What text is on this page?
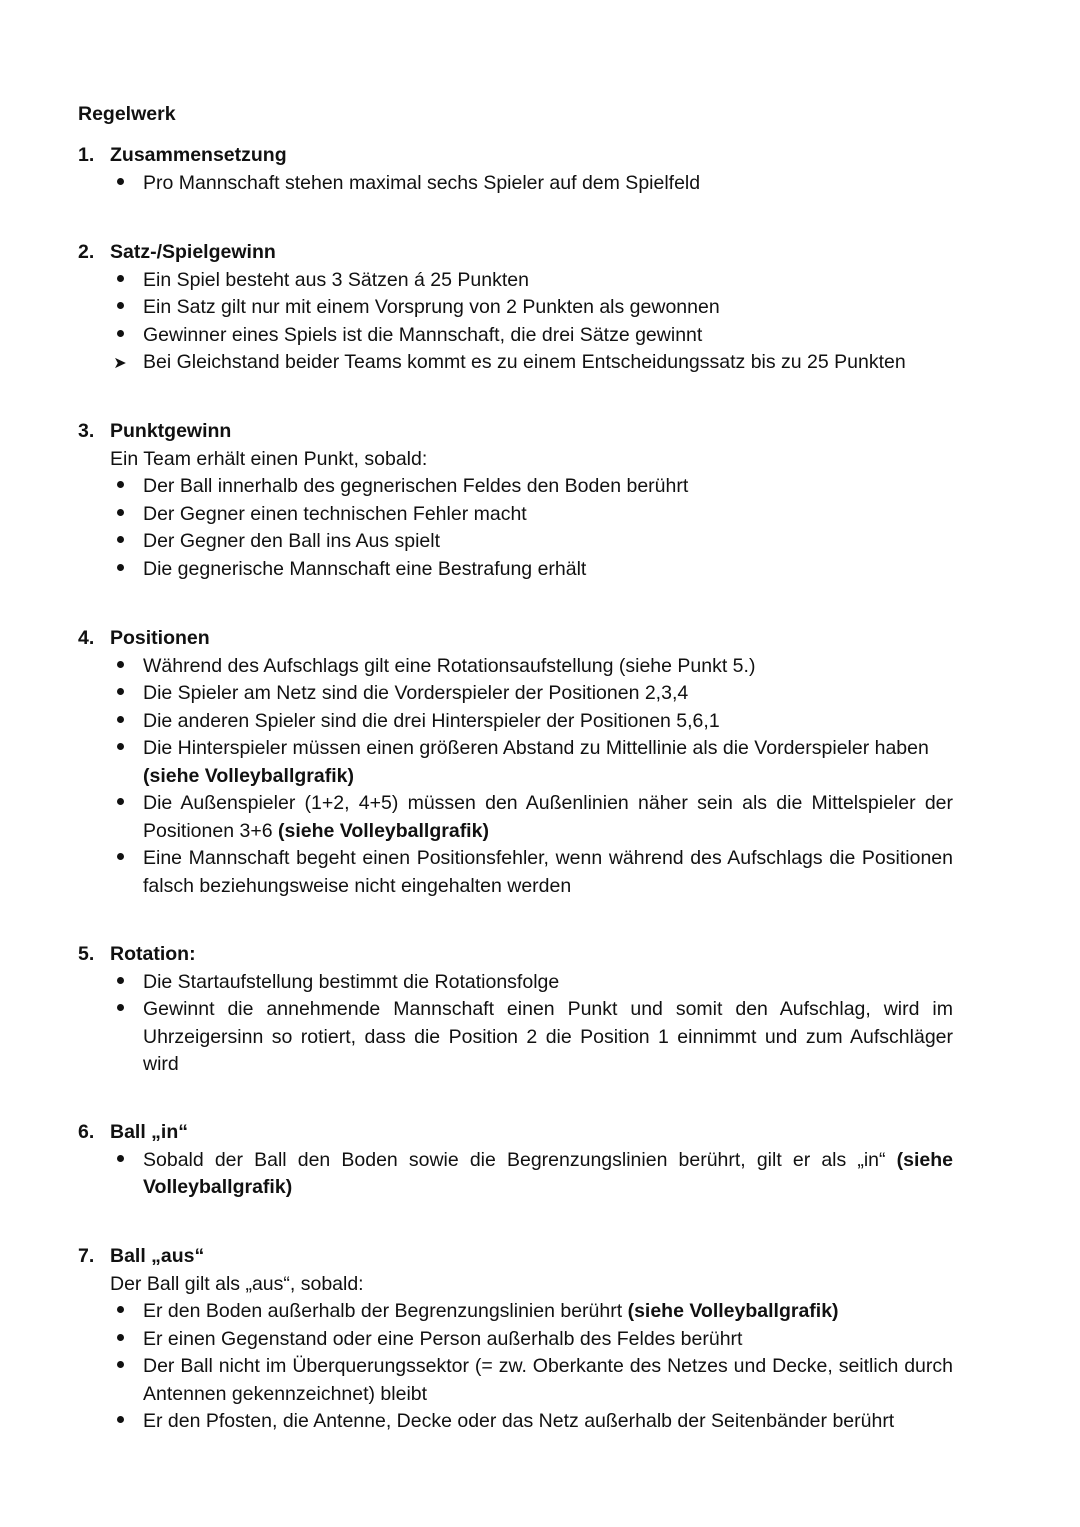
Regelwerk
1. Zusammensetzung
Pro Mannschaft stehen maximal sechs Spieler auf dem Spielfeld
2. Satz-/Spielgewinn
Ein Spiel besteht aus 3 Sätzen á 25 Punkten
Ein Satz gilt nur mit einem Vorsprung von 2 Punkten als gewonnen
Gewinner eines Spiels ist die Mannschaft, die drei Sätze gewinnt
➤ Bei Gleichstand beider Teams kommt es zu einem Entscheidungssatz bis zu 25 Punkten
3. Punktgewinn
Ein Team erhält einen Punkt, sobald:
Der Ball innerhalb des gegnerischen Feldes den Boden berührt
Der Gegner einen technischen Fehler macht
Der Gegner den Ball ins Aus spielt
Die gegnerische Mannschaft eine Bestrafung erhält
4. Positionen
Während des Aufschlags gilt eine Rotationsaufstellung (siehe Punkt 5.)
Die Spieler am Netz sind die Vorderspieler der Positionen 2,3,4
Die anderen Spieler sind die drei Hinterspieler der Positionen 5,6,1
Die Hinterspieler müssen einen größeren Abstand zu Mittellinie als die Vorderspieler haben
(siehe Volleyballgrafik)
Die Außenspieler (1+2, 4+5) müssen den Außenlinien näher sein als die Mittelspieler der Positionen 3+6 (siehe Volleyballgrafik)
Eine Mannschaft begeht einen Positionsfehler, wenn während des Aufschlags die Positionen falsch beziehungsweise nicht eingehalten werden
5. Rotation:
Die Startaufstellung bestimmt die Rotationsfolge
Gewinnt die annehmende Mannschaft einen Punkt und somit den Aufschlag, wird im Uhrzeigersinn so rotiert, dass die Position 2 die Position 1 einnimmt und zum Aufschläger wird
6. Ball „in“
Sobald der Ball den Boden sowie die Begrenzungslinien berührt, gilt er als „in“ (siehe Volleyballgrafik)
7. Ball „aus“
Der Ball gilt als „aus“, sobald:
Er den Boden außerhalb der Begrenzungslinien berührt (siehe Volleyballgrafik)
Er einen Gegenstand oder eine Person außerhalb des Feldes berührt
Der Ball nicht im Überquerungssektor (= zw. Oberkante des Netzes und Decke, seitlich durch Antennen gekennzeichnet) bleibt
Er den Pfosten, die Antenne, Decke oder das Netz außerhalb der Seitenbänder berührt
